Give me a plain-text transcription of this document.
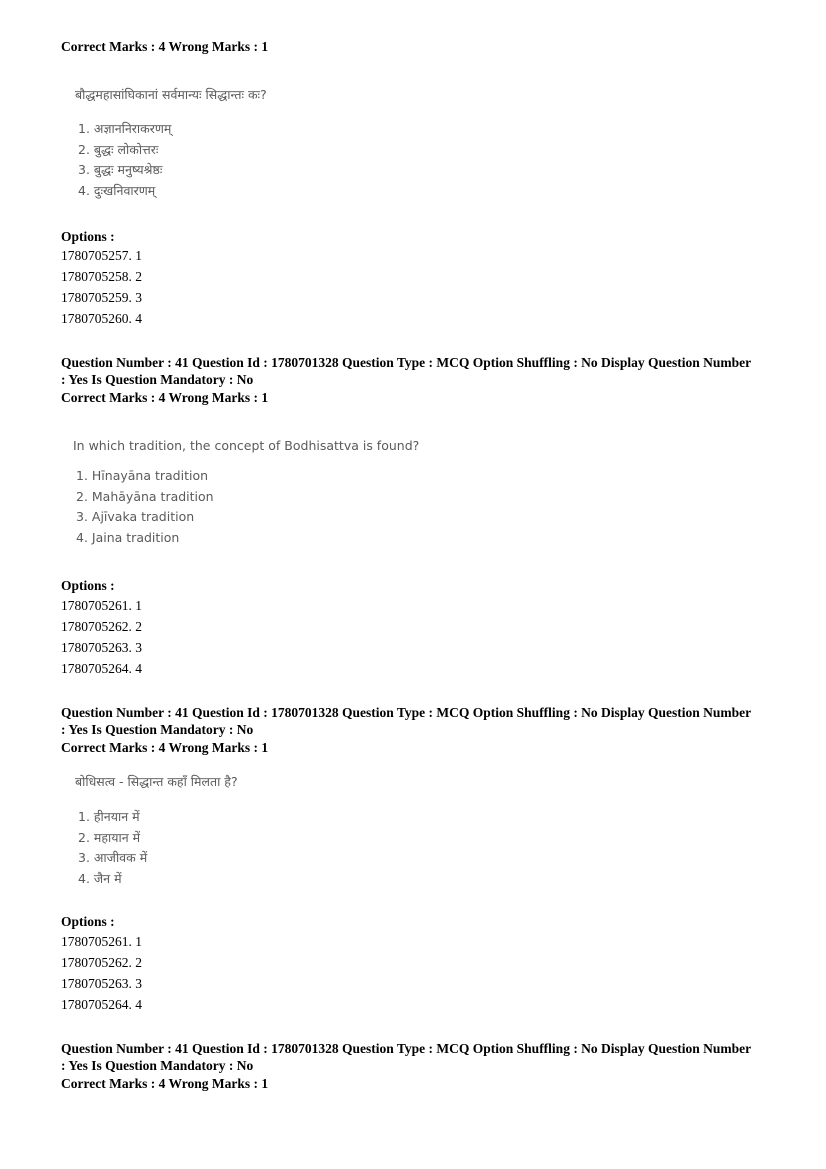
Correct Marks : 4 Wrong Marks : 1
बौद्धमहासांघिकानां सर्वमान्यः सिद्धान्तः कः?
1. अज्ञाननिराकरणम्
2. बुद्धः लोकोत्तरः
3. बुद्धः मनुष्यश्रेष्ठः
4. दुःखनिवारणम्
Options :
1780705257. 1
1780705258. 2
1780705259. 3
1780705260. 4
Question Number : 41 Question Id : 1780701328 Question Type : MCQ Option Shuffling : No Display Question Number
: Yes Is Question Mandatory : No
Correct Marks : 4 Wrong Marks : 1
In which tradition, the concept of Bodhisattva is found?
1. Hīnayāna tradition
2. Mahāyāna tradition
3. Ajīvaka tradition
4. Jaina tradition
Options :
1780705261. 1
1780705262. 2
1780705263. 3
1780705264. 4
Question Number : 41 Question Id : 1780701328 Question Type : MCQ Option Shuffling : No Display Question Number
: Yes Is Question Mandatory : No
Correct Marks : 4 Wrong Marks : 1
बोधिसत्व - सिद्धान्त कहाँ मिलता है?
1. हीनयान में
2. महायान में
3. आजीवक में
4. जैन में
Options :
1780705261. 1
1780705262. 2
1780705263. 3
1780705264. 4
Question Number : 41 Question Id : 1780701328 Question Type : MCQ Option Shuffling : No Display Question Number
: Yes Is Question Mandatory : No
Correct Marks : 4 Wrong Marks : 1
